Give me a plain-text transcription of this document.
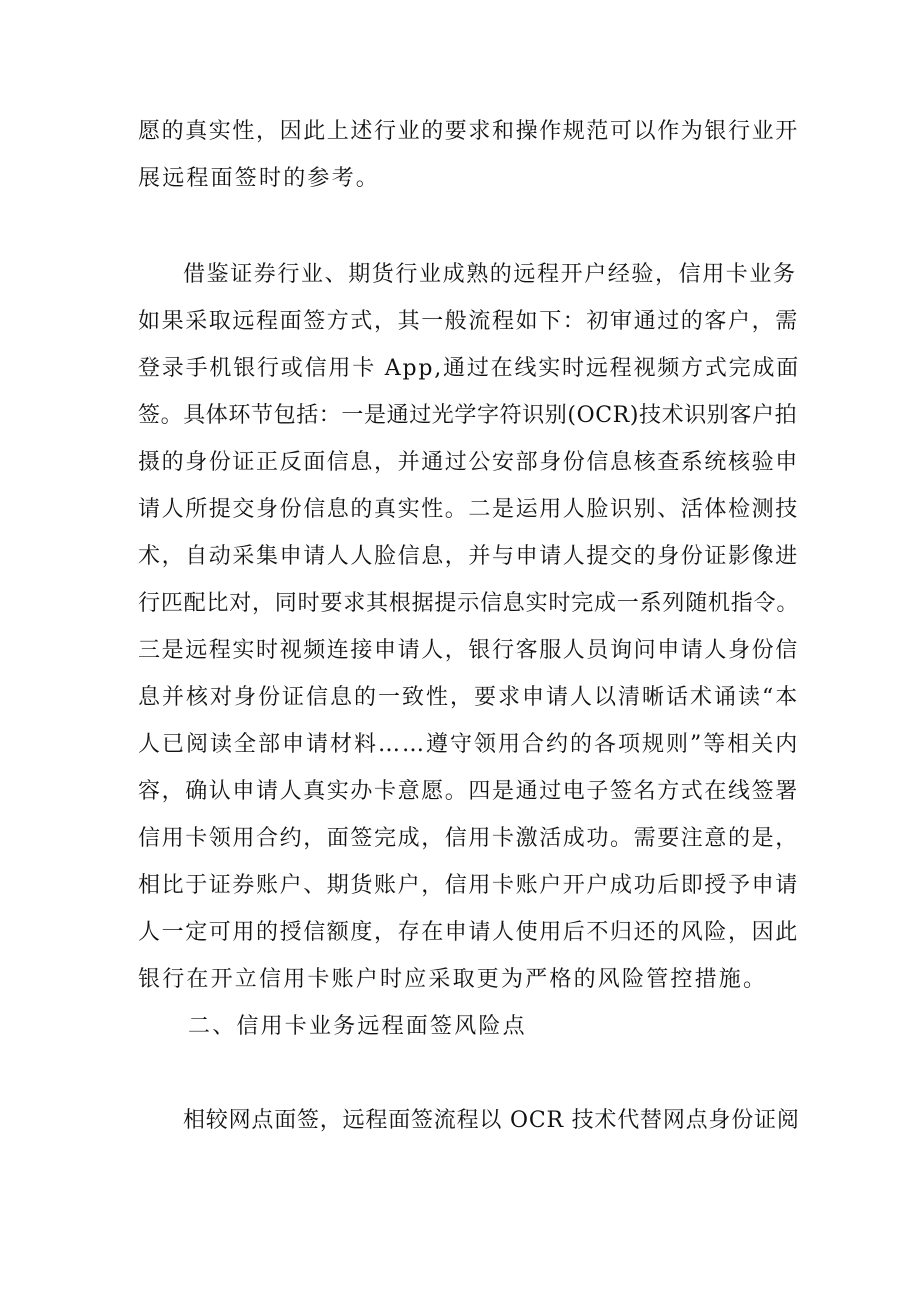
愿的真实性，因此上述行业的要求和操作规范可以作为银行业开
展远程面签时的参考。
借鉴证券行业、期货行业成熟的远程开户经验，信用卡业务
如果采取远程面签方式，其一般流程如下：初审通过的客户，需
登录手机银行或信用卡 App,通过在线实时远程视频方式完成面
签。具体环节包括：一是通过光学字符识别(OCR)技术识别客户拍
摄的身份证正反面信息，并通过公安部身份信息核查系统核验申
请人所提交身份信息的真实性。二是运用人脸识别、活体检测技
术，自动采集申请人人脸信息，并与申请人提交的身份证影像进
行匹配比对，同时要求其根据提示信息实时完成一系列随机指令。
三是远程实时视频连接申请人，银行客服人员询问申请人身份信
息并核对身份证信息的一致性，要求申请人以清晰话术诵读“本
人已阅读全部申请材料……遵守领用合约的各项规则”等相关内
容，确认申请人真实办卡意愿。四是通过电子签名方式在线签署
信用卡领用合约，面签完成，信用卡激活成功。需要注意的是，
相比于证券账户、期货账户，信用卡账户开户成功后即授予申请
人一定可用的授信额度，存在申请人使用后不归还的风险，因此
银行在开立信用卡账户时应采取更为严格的风险管控措施。
二、信用卡业务远程面签风险点
相较网点面签，远程面签流程以 OCR 技术代替网点身份证阅
